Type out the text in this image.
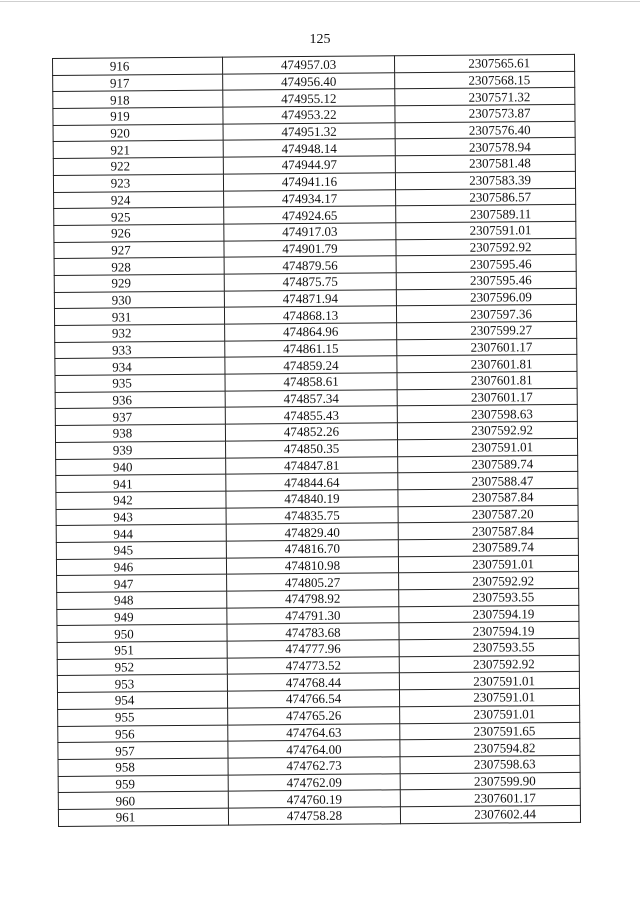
125
916	474957.03	2307565.61
917	474956.40	2307568.15
918	474955.12	2307571.32
919	474953.22	2307573.87
920	474951.32	2307576.40
921	474948.14	2307578.94
922	474944.97	2307581.48
923	474941.16	2307583.39
924	474934.17	2307586.57
925	474924.65	2307589.11
926	474917.03	2307591.01
927	474901.79	2307592.92
928	474879.56	2307595.46
929	474875.75	2307595.46
930	474871.94	2307596.09
931	474868.13	2307597.36
932	474864.96	2307599.27
933	474861.15	2307601.17
934	474859.24	2307601.81
935	474858.61	2307601.81
936	474857.34	2307601.17
937	474855.43	2307598.63
938	474852.26	2307592.92
939	474850.35	2307591.01
940	474847.81	2307589.74
941	474844.64	2307588.47
942	474840.19	2307587.84
943	474835.75	2307587.20
944	474829.40	2307587.84
945	474816.70	2307589.74
946	474810.98	2307591.01
947	474805.27	2307592.92
948	474798.92	2307593.55
949	474791.30	2307594.19
950	474783.68	2307594.19
951	474777.96	2307593.55
952	474773.52	2307592.92
953	474768.44	2307591.01
954	474766.54	2307591.01
955	474765.26	2307591.01
956	474764.63	2307591.65
957	474764.00	2307594.82
958	474762.73	2307598.63
959	474762.09	2307599.90
960	474760.19	2307601.17
961	474758.28	2307602.44
